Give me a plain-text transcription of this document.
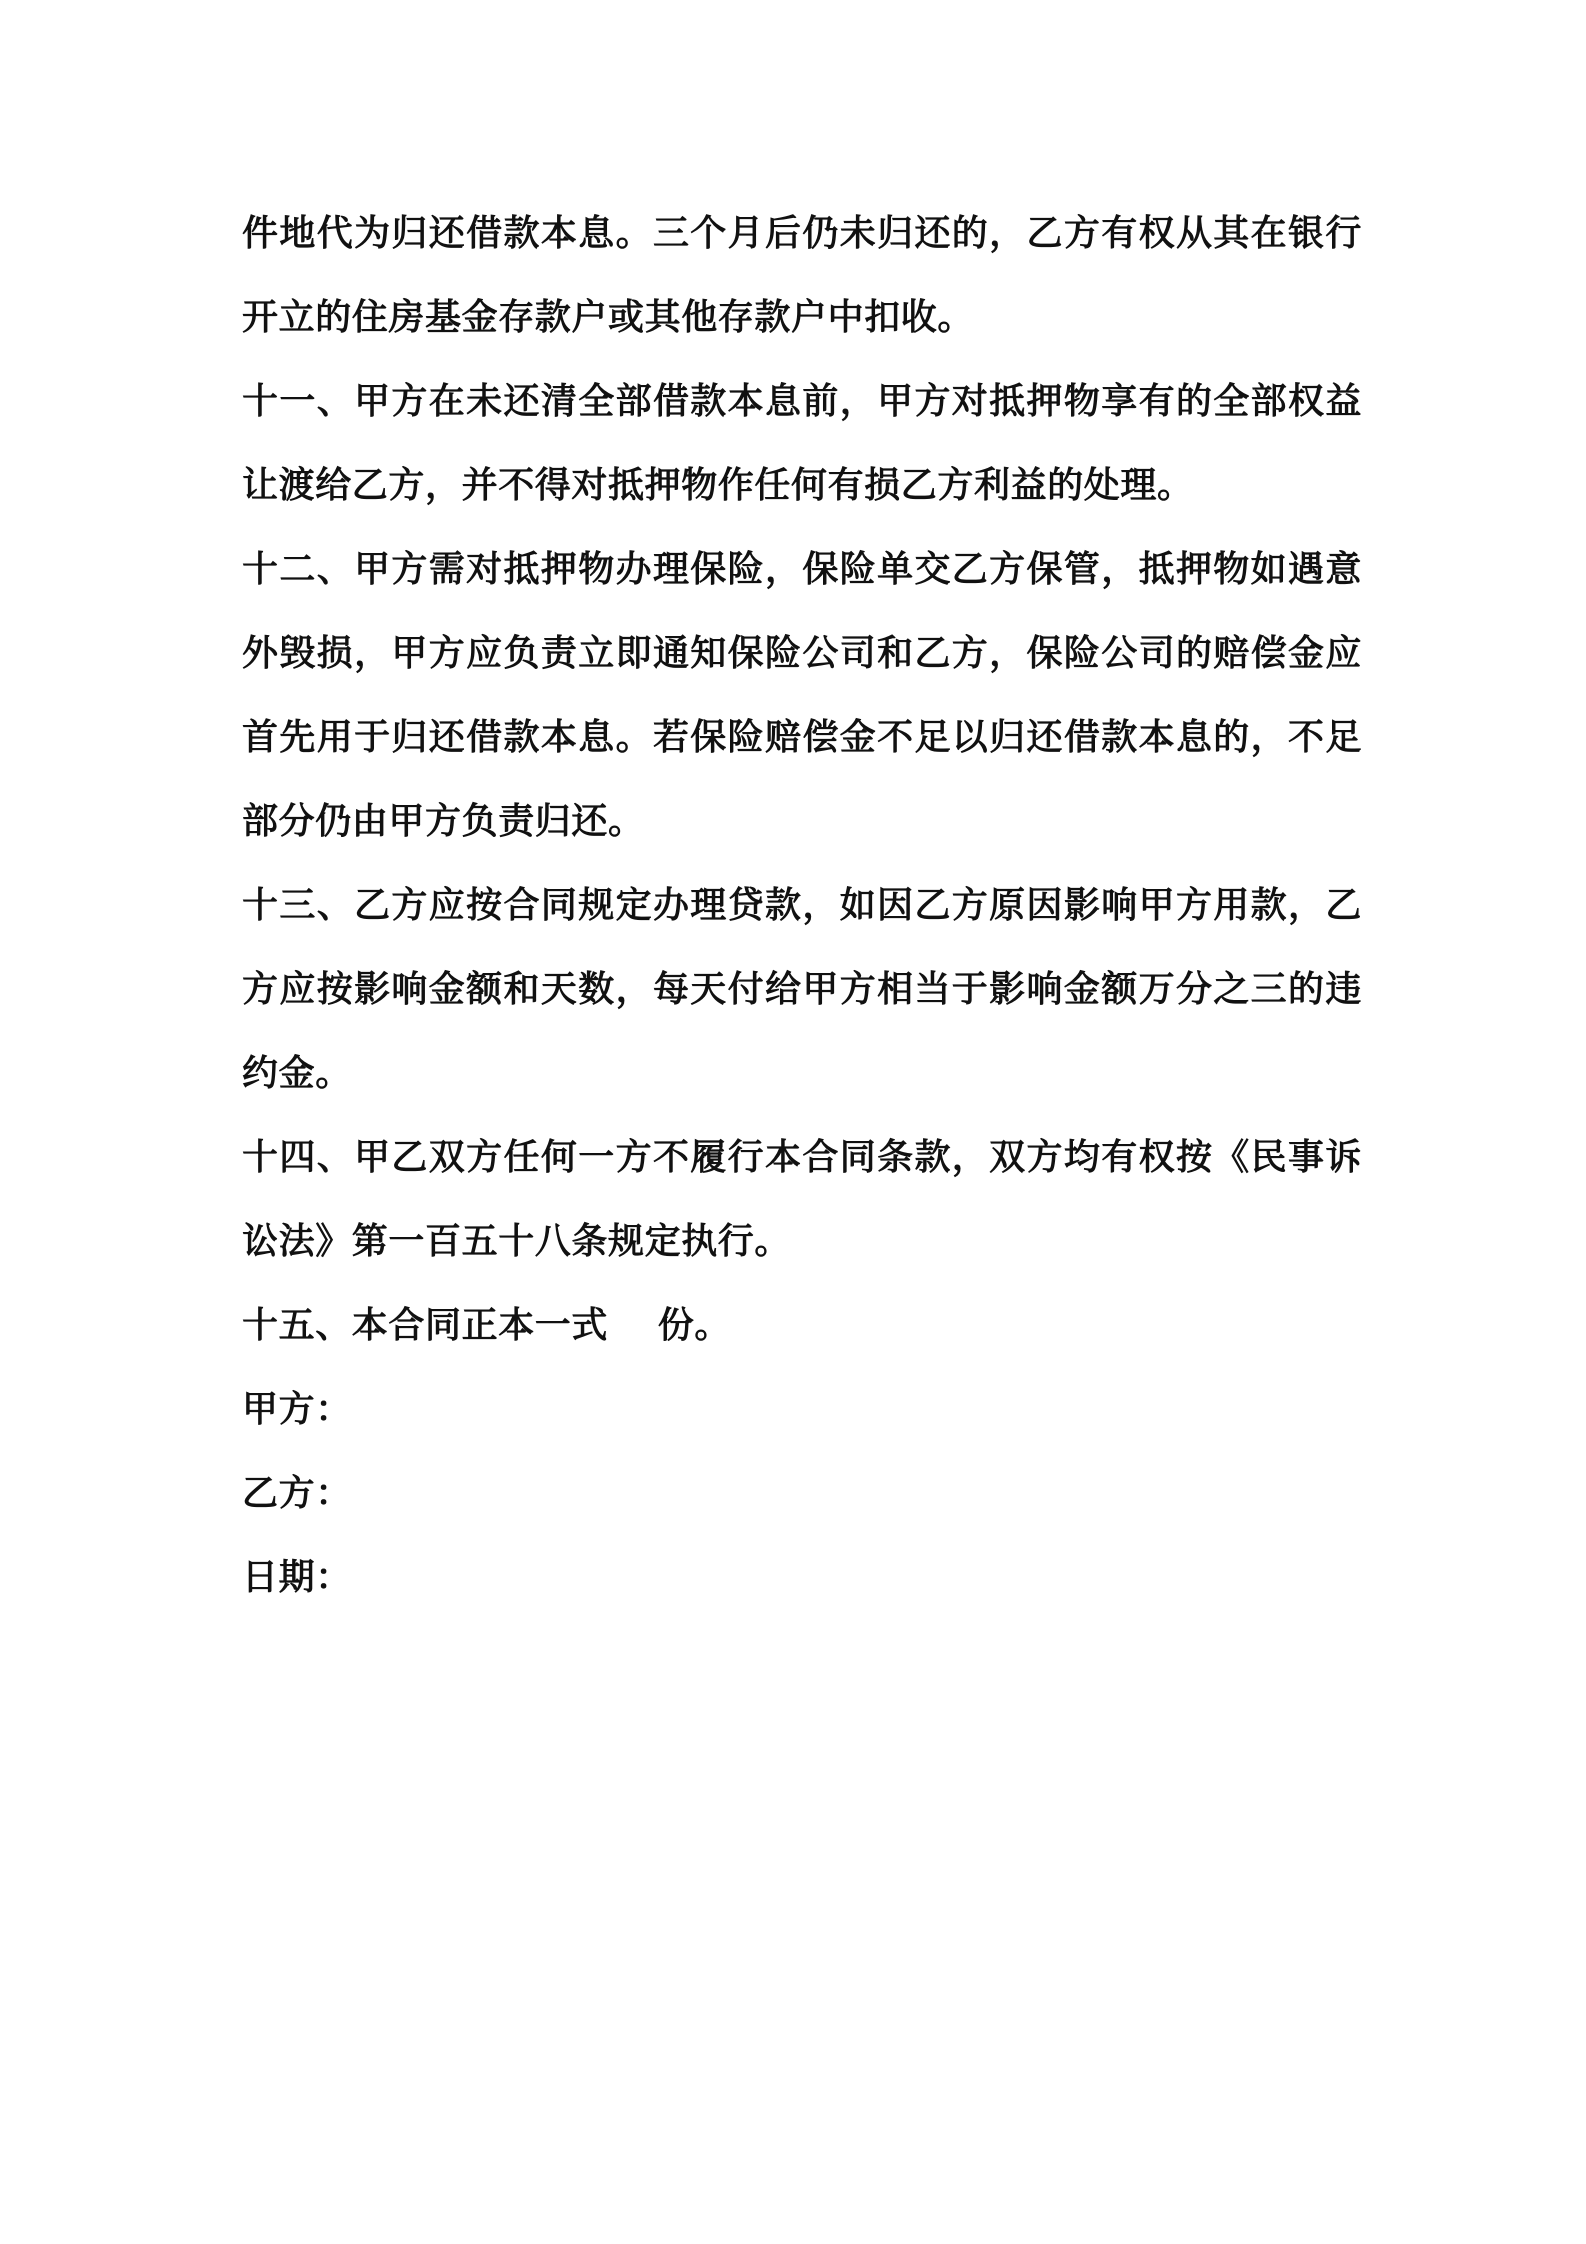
件地代为归还借款本息。三个月后仍未归还的，乙方有权从其在银行开立的住房基金存款户或其他存款户中扣收。

十一、甲方在未还清全部借款本息前，甲方对抵押物享有的全部权益让渡给乙方，并不得对抵押物作任何有损乙方利益的处理。

十二、甲方需对抵押物办理保险，保险单交乙方保管，抵押物如遇意外毁损，甲方应负责立即通知保险公司和乙方，保险公司的赔偿金应首先用于归还借款本息。若保险赔偿金不足以归还借款本息的，不足部分仍由甲方负责归还。

十三、乙方应按合同规定办理贷款，如因乙方原因影响甲方用款，乙方应按影响金额和天数，每天付给甲方相当于影响金额万分之三的违约金。

十四、甲乙双方任何一方不履行本合同条款，双方均有权按《民事诉讼法》第一百五十八条规定执行。

十五、本合同正本一式　 份。

甲方：

乙方：

日期：
